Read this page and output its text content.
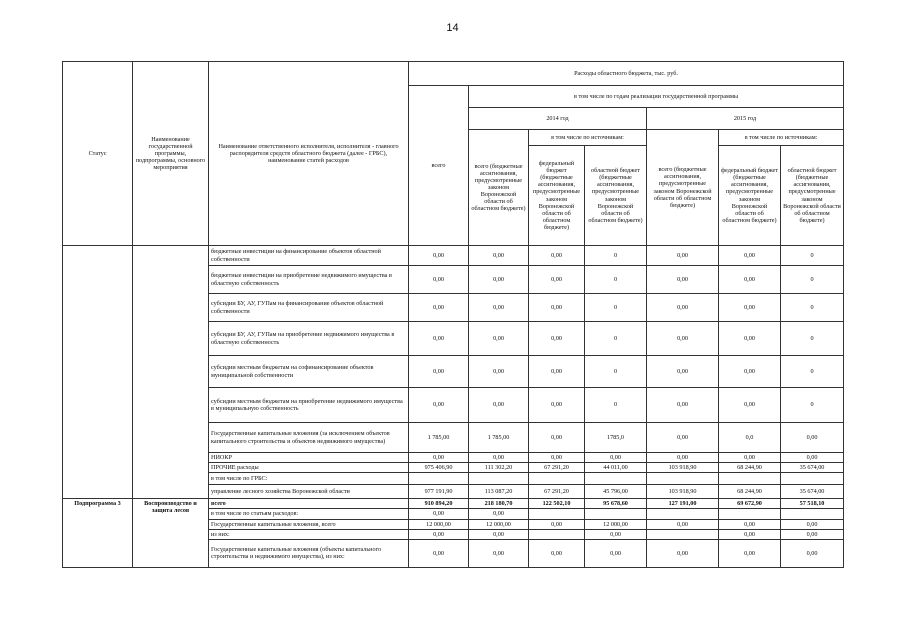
14
Статус	Наименование государственной программы, подпрограммы, основного мероприятия	Наименование ответственного исполнителя, исполнителя - главного распорядителя средств областного бюджета (далее - ГРБС), наименование статей расходов	Расходы областного бюджета, тыс. руб.						
			всего	в том числе по годам реализации государственной программы					
				2014 год			2015 год		
				всего (бюджетные ассигнования, предусмотренные законом Воронежской области об областном бюджете)	в том числе по источникам:		всего (бюджетные ассигнования, предусмотренные законом Воронежской области об областном бюджете)	в том числе по источникам:	
					федеральный бюджет (бюджетные ассигнования, предусмотренные законом Воронежской области об областном бюджете)	областной бюджет (бюджетные ассигнования, предусмотренные законом Воронежской области об областном бюджете)		федеральный бюджет (бюджетные ассигнования, предусмотренные законом Воронежской области об областном бюджете)	областной бюджет (бюджетные ассигнования, предусмотренные законом Воронежской области об областном бюджете)
		бюджетные инвестиции на финансирование объектов областной собственности	0,00	0,00	0,00	0	0,00	0,00	0
		бюджетные инвестиции на приобретение недвижимого имущества в областную собственность	0,00	0,00	0,00	0	0,00	0,00	0
		субсидии БУ, АУ, ГУПам на финансирование объектов областной собственности	0,00	0,00	0,00	0	0,00	0,00	0
		субсидии БУ, АУ, ГУПам на приобретение недвижимого имущества в областную собственность	0,00	0,00	0,00	0	0,00	0,00	0
		субсидии местным бюджетам на софинансирование объектов муниципальной собственности	0,00	0,00	0,00	0	0,00	0,00	0
		субсидии местным бюджетам на приобретение недвижимого имущества в муниципальную собственность	0,00	0,00	0,00	0	0,00	0,00	0
		Государственные капитальные вложения (за исключением объектов капитального строительства и объектов недвижимого имущества)	1 785,00	1 785,00	0,00	1785,0	0,00	0,0	0,00
		НИОКР	0,00	0,00	0,00	0,00	0,00	0,00	0,00
		ПРОЧИЕ расходы	975 406,90	111 302,20	67 291,20	44 011,00	103 918,90	68 244,90	35 674,00
		в том числе по ГРБС:							
		управление лесного хозяйства Воронежской области	977 191,90	113 087,20	67 291,20	45 796,00	103 918,90	68 244,90	35 674,00
Подпрограмма 3	Воспроизводство и защита лесов	всего	910 894,20	218 180,70	122 502,10	95 678,60	127 191,00	69 672,90	57 518,10
		в том числе по статьям расходов:	0,00	0,00					
		Государственные капитальные вложения, всего	12 000,00	12 000,00	0,00	12 000,00	0,00	0,00	0,00
		из них:	0,00	0,00		0,00		0,00	0,00
		Государственные капитальные вложения (объекты капитального строительства и недвижимого имущества), из них:	0,00	0,00	0,00	0,00	0,00	0,00	0,00
